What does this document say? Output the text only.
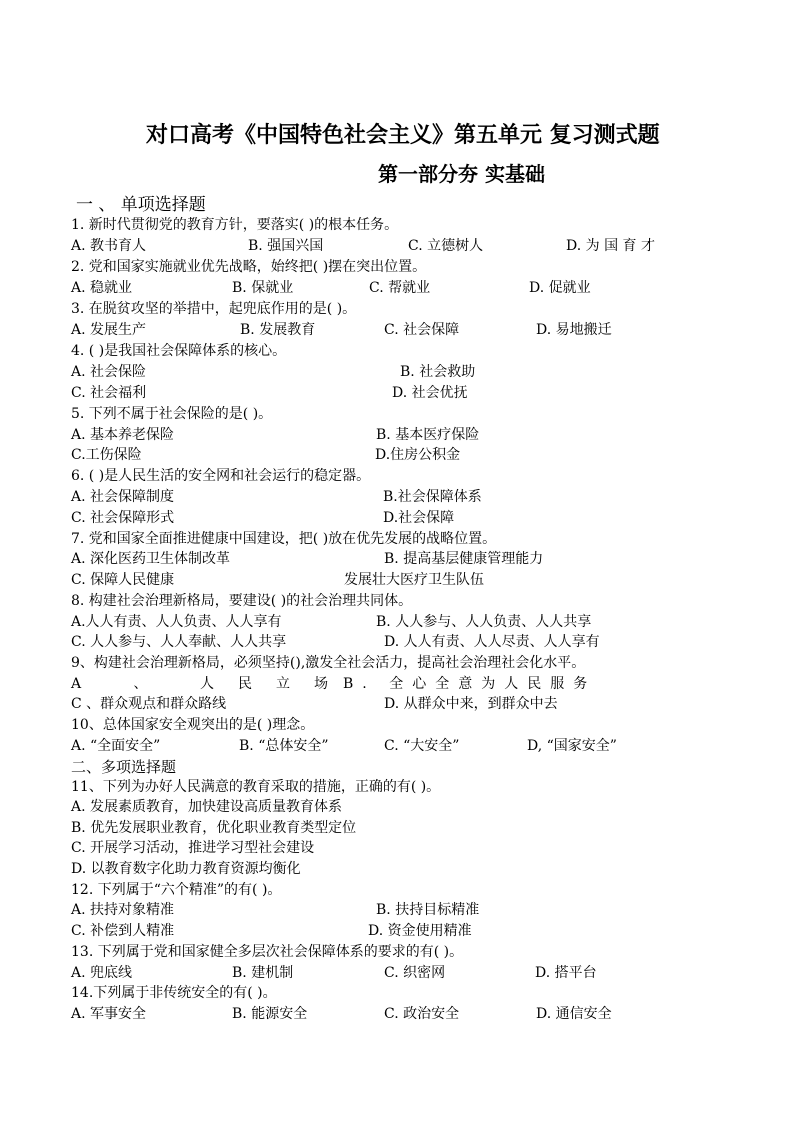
对口高考《中国特色社会主义》第五单元 复习测式题
第一部分夯 实基础
一 、 单项选择题
1. 新时代贯彻党的教育方针，要落实( )的根本任务。
A. 教书育人	B. 强国兴国	C. 立德树人	D. 为 国 育 才
2. 党和国家实施就业优先战略，始终把( )摆在突出位置。
A. 稳就业	B. 保就业	C. 帮就业	D. 促就业
3. 在脱贫攻坚的举措中，起兜底作用的是( )。
A. 发展生产	B. 发展教育	C. 社会保障	D. 易地搬迁
4. ( )是我国社会保障体系的核心。
A. 社会保险	B. 社会救助
C. 社会福利	D. 社会优抚
5. 下列不属于社会保险的是( )。
A. 基本养老保险	B. 基本医疗保险
C.工伤保险	D.住房公积金
6. ( )是人民生活的安全网和社会运行的稳定器。
A. 社会保障制度	B.社会保障体系
C. 社会保障形式	D.社会保障
7. 党和国家全面推进健康中国建设，把( )放在优先发展的战略位置。
A. 深化医药卫生体制改革	B. 提高基层健康管理能力
C. 保障人民健康	发展壮大医疗卫生队伍
8. 构建社会治理新格局，要建设( )的社会治理共同体。
A.人人有责、人人负责、人人享有	B. 人人参与、人人负责、人人共享
C. 人人参与、人人奉献、人人共享	D. 人人有责、人人尽责、人人享有
9、构建社会治理新格局，必须坚持(),激发全社会活力，提高社会治理社会化水平。
A 、 人民立场
B. 全心全意为人民服务
C 、群众观点和群众路线	D. 从群众中来，到群众中去
10、总体国家安全观突出的是( )理念。
A. “全面安全”	B. “总体安全”	C. “大安全”	D, “国家安全”
二、多项选择题
11、下列为办好人民满意的教育采取的措施，正确的有( )。
A. 发展素质教育，加快建设高质量教育体系
B. 优先发展职业教育，优化职业教育类型定位
C. 开展学习活动，推进学习型社会建设
D. 以教育数字化助力教育资源均衡化
12. 下列属于“六个精准”的有( )。
A. 扶持对象精准	B. 扶持目标精准
C. 补偿到人精准	D. 资金使用精准
13. 下列属于党和国家健全多层次社会保障体系的要求的有( )。
A. 兜底线	B. 建机制	C. 织密网	D. 搭平台
14.下列属于非传统安全的有( )。
A. 军事安全	B. 能源安全	C. 政治安全	D. 通信安全
